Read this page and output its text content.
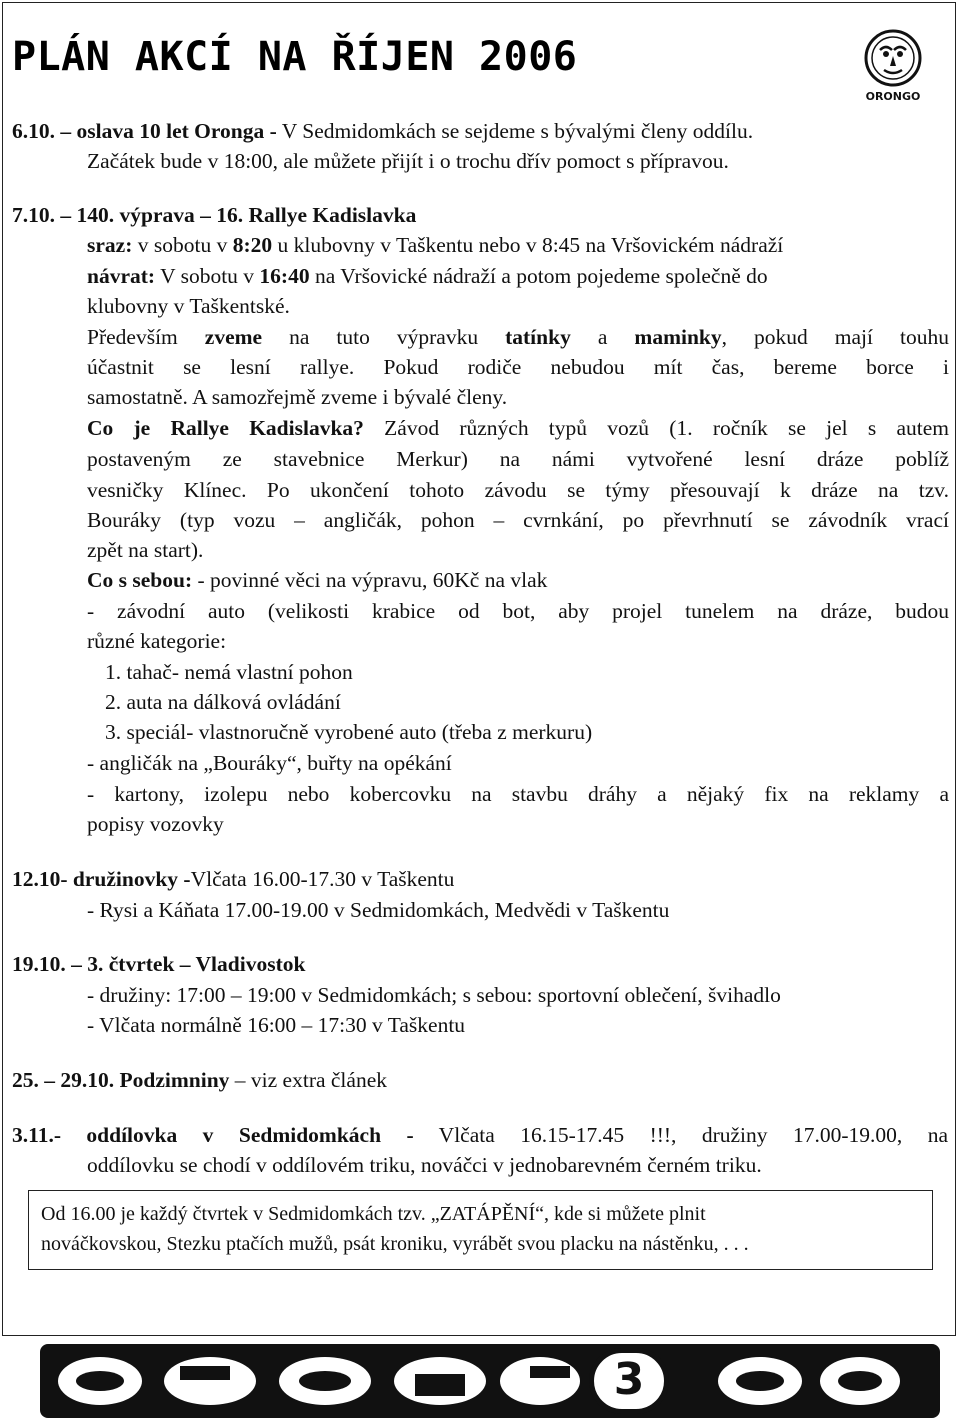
PLÁN AKCÍ NA ŘÍJEN 2006
ORONGO
6.10. – oslava 10 let Oronga - V Sedmidomkách se sejdeme s bývalými členy oddílu.
Začátek bude v 18:00, ale můžete přijít i o trochu dřív pomoct s přípravou.
7.10. – 140. výprava – 16. Rallye Kadislavka
sraz: v sobotu v 8:20 u klubovny v Taškentu nebo v 8:45 na Vršovickém nádraží
návrat: V sobotu v 16:40 na Vršovické nádraží a potom pojedeme společně do
klubovny v Taškentské.
Především zveme na tuto výpravku tatínky a maminky, pokud mají touhu
účastnit se lesní rallye. Pokud rodiče nebudou mít čas, bereme borce i
samostatně. A samozřejmě zveme i bývalé členy.
Co je Rallye Kadislavka? Závod různých typů vozů (1. ročník se jel s autem
postaveným ze stavebnice Merkur) na námi vytvořené lesní dráze poblíž
vesničky Klínec. Po ukončení tohoto závodu se týmy přesouvají k dráze na tzv.
Bouráky (typ vozu – angličák, pohon – cvrnkání, po převrhnutí se závodník vrací
zpět na start).
Co s sebou: - povinné věci na výpravu, 60Kč na vlak
- závodní auto (velikosti krabice od bot, aby projel tunelem na dráze, budou
různé kategorie:
1. tahač- nemá vlastní pohon
2. auta na dálková ovládání
3. speciál- vlastnoručně vyrobené auto (třeba z merkuru)
- angličák na „Bouráky“, buřty na opékání
- kartony, izolepu nebo kobercovku na stavbu dráhy a nějaký fix na reklamy a
popisy vozovky
12.10- družinovky -Vlčata 16.00-17.30 v Taškentu
- Rysi a Káňata 17.00-19.00 v Sedmidomkách, Medvědi v Taškentu
19.10. – 3. čtvrtek – Vladivostok
- družiny: 17:00 – 19:00 v Sedmidomkách; s sebou: sportovní oblečení, švihadlo
- Vlčata normálně 16:00 – 17:30 v Taškentu
25. – 29.10. Podzimniny – viz extra článek
3.11.- oddílovka v Sedmidomkách - Vlčata 16.15-17.45 !!!, družiny 17.00-19.00, na
oddílovku se chodí v oddílovém triku, nováčci v jednobarevném černém triku.
Od 16.00 je každý čtvrtek v Sedmidomkách tzv. „ZATÁPĚNÍ“, kde si můžete plnit
nováčkovskou, Stezku ptačích mužů, psát kroniku, vyrábět svou placku na nástěnku, . . .
3
